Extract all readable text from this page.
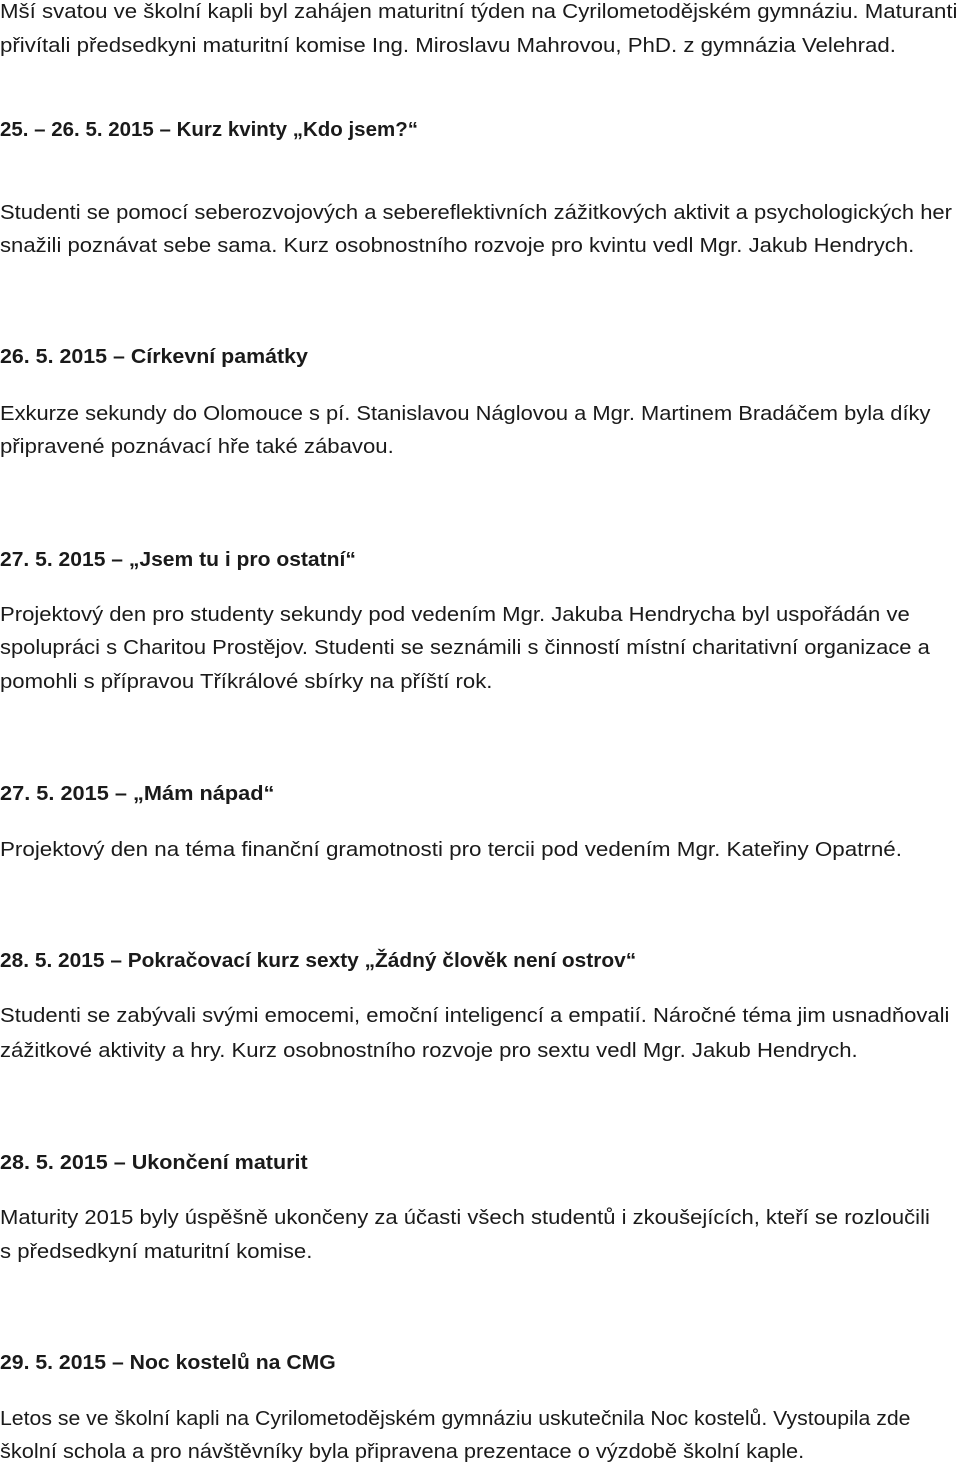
Mší svatou ve školní kapli byl zahájen maturitní týden na Cyrilometodějském gymnáziu. Maturanti
přivítali předsedkyni maturitní komise Ing. Miroslavu Mahrovou, PhD. z gymnázia Velehrad.
25. – 26. 5. 2015 – Kurz kvinty „Kdo jsem?“
Studenti se pomocí seberozvojových a sebereflektivních zážitkových aktivit a psychologických her
snažili poznávat sebe sama. Kurz osobnostního rozvoje pro kvintu vedl Mgr. Jakub Hendrych.
26. 5. 2015 – Církevní památky
Exkurze sekundy do Olomouce s pí. Stanislavou Náglovou a Mgr. Martinem Bradáčem byla díky
připravené poznávací hře také zábavou.
27. 5. 2015 – „Jsem tu i pro ostatní“
Projektový den pro studenty sekundy pod vedením Mgr. Jakuba Hendrycha byl uspořádán ve
spolupráci s Charitou Prostějov. Studenti se seznámili s činností místní charitativní organizace a
pomohli s přípravou Tříkrálové sbírky na příští rok.
27. 5. 2015 – „Mám nápad“
Projektový den na téma finanční gramotnosti pro tercii pod vedením Mgr. Kateřiny Opatrné.
28. 5. 2015 – Pokračovací kurz sexty „Žádný člověk není ostrov“
Studenti se zabývali svými emocemi, emoční inteligencí a empatií. Náročné téma jim usnadňovali
zážitkové aktivity a hry. Kurz osobnostního rozvoje pro sextu vedl Mgr. Jakub Hendrych.
28. 5. 2015 – Ukončení maturit
Maturity 2015 byly úspěšně ukončeny za účasti všech studentů i zkoušejících, kteří se rozloučili
s předsedkyní maturitní komise.
29. 5. 2015 – Noc kostelů na CMG
Letos se ve školní kapli na Cyrilometodějském gymnáziu uskutečnila Noc kostelů. Vystoupila zde
školní schola a pro návštěvníky byla připravena prezentace o výzdobě školní kaple.
